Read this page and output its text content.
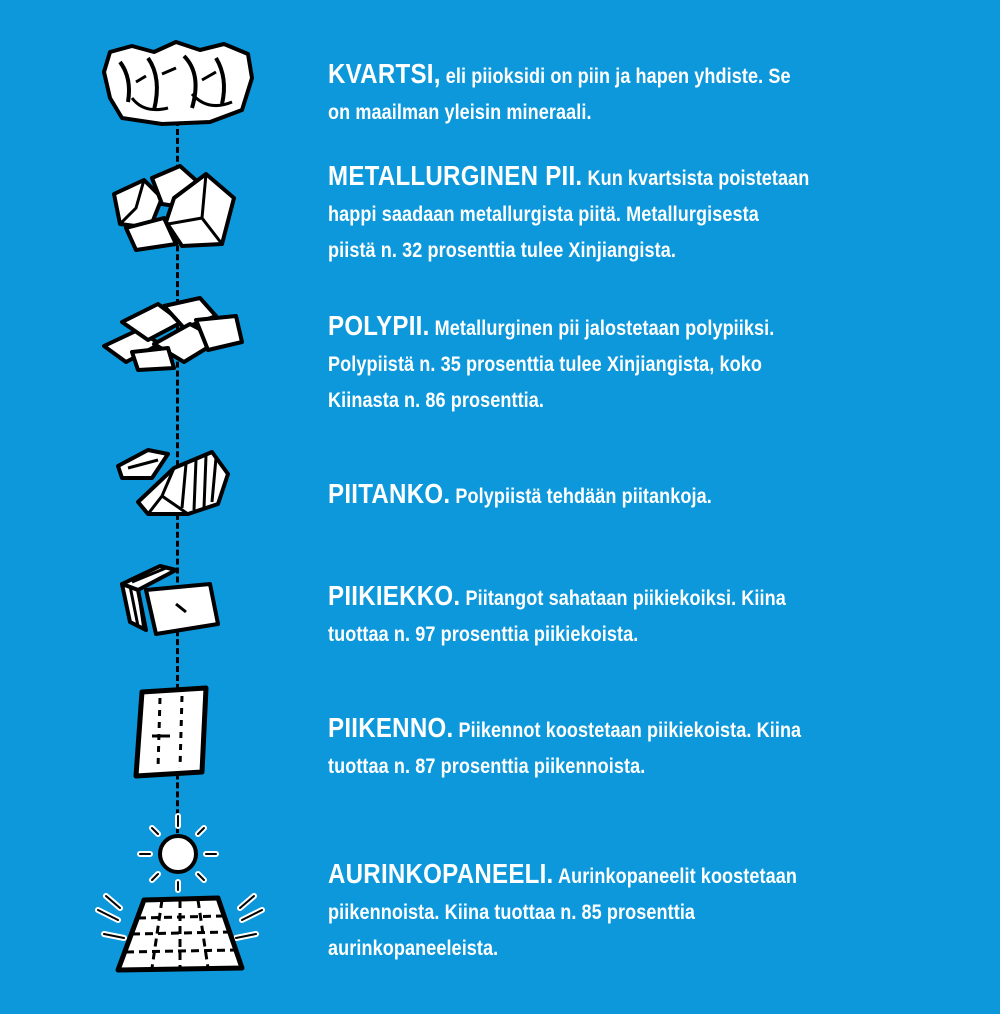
KVARTSI, eli piioksidi on piin ja hapen yhdiste. Se on maailman yleisin mineraali.
METALLURGINEN PII. Kun kvartsista poistetaan happi saadaan metallurgista piitä. Metallurgisesta piistä n. 32 prosenttia tulee Xinjiangista.
POLYPII. Metallurginen pii jalostetaan polypiiksi. Polypiistä n. 35 prosenttia tulee Xinjiangista, koko Kiinasta n. 86 prosenttia.
PIITANKO. Polypiistä tehdään piitankoja.
PIIKIEKKO. Piitangot sahataan piikiekoiksi. Kiina tuottaa n. 97 prosenttia piikiekoista.
PIIKENNO. Piikennot koostetaan piikiekoista. Kiina tuottaa n. 87 prosenttia piikennoista.
AURINKOPANEELI. Aurinkopaneelit koostetaan piikennoista. Kiina tuottaa n. 85 prosenttia aurinkopaneeleista.
